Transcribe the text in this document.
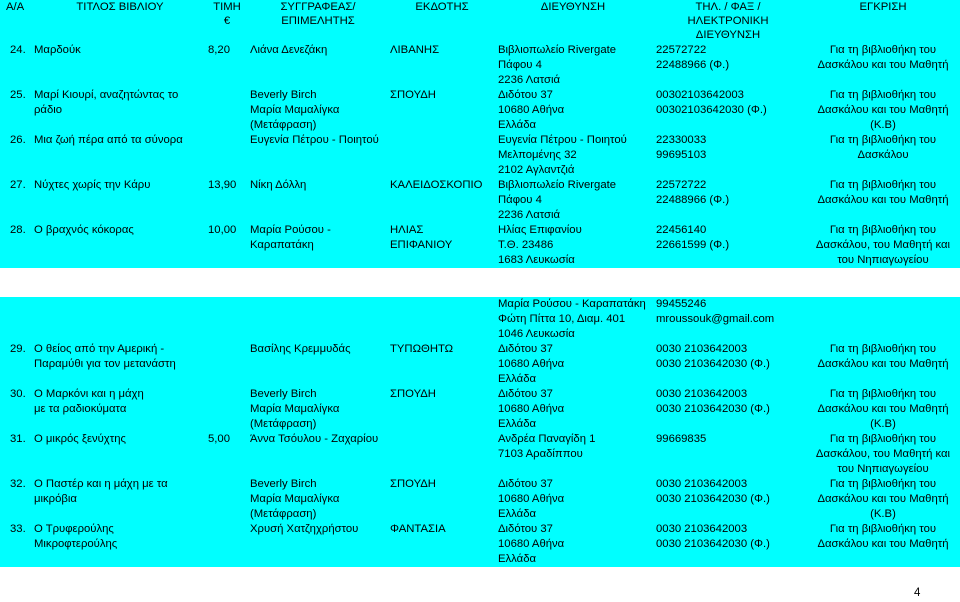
Α/Α	ΤΙΤΛΟΣ ΒΙΒΛΙΟΥ	ΤΙΜΗ
€	ΣΥΓΓΡΑΦΕΑΣ/
ΕΠΙΜΕΛΗΤΗΣ	ΕΚΔΟΤΗΣ	ΔΙΕΥΘΥΝΣΗ	ΤΗΛ. / ΦΑΞ /
ΗΛΕΚΤΡΟΝΙΚΗ
ΔΙΕΥΘΥΝΣΗ	ΕΓΚΡΙΣΗ

24.	Μαρδούκ	8,20	Λιάνα Δενεζάκη	ΛΙΒΑΝΗΣ	Βιβλιοπωλείο Rivergate
Πάφου 4
2236 Λατσιά	22572722
22488966 (Φ.)	Για τη βιβλιοθήκη του
Δασκάλου και του Μαθητή

25.	Μαρί Κιουρί, αναζητώντας το
ράδιο		Beverly Birch
Μαρία Μαμαλίγκα
(Μετάφραση)	ΣΠΟΥΔΗ	Διδότου 37
10680 Αθήνα
Ελλάδα	00302103642003
00302103642030 (Φ.)	Για τη βιβλιοθήκη του
Δασκάλου και του Μαθητή
(Κ.Β)

26.	Μια ζωή πέρα από τα σύνορα		Ευγενία Πέτρου - Ποιητού		Ευγενία Πέτρου - Ποιητού
Μελπομένης 32
2102 Αγλαντζιά	22330033
99695103	Για τη βιβλιοθήκη του
Δασκάλου

27.	Νύχτες χωρίς την Κάρυ	13,90	Νίκη Δόλλη	ΚΑΛΕΙΔΟΣΚΟΠΙΟ	Βιβλιοπωλείο Rivergate
Πάφου 4
2236 Λατσιά	22572722
22488966 (Φ.)	Για τη βιβλιοθήκη του
Δασκάλου και του Μαθητή

28.	Ο βραχνός κόκορας	10,00	Μαρία Ρούσου -
Καραπατάκη	ΗΛΙΑΣ
ΕΠΙΦΑΝΙΟΥ	Ηλίας Επιφανίου
Τ.Θ. 23486
1683 Λευκωσία	22456140
22661599 (Φ.)	Για τη βιβλιοθήκη του
Δασκάλου, του Μαθητή και
του Νηπιαγωγείου

					Μαρία Ρούσου - Καραπατάκη
Φώτη Πίττα 10, Διαμ. 401
1046 Λευκωσία	99455246
mroussouk@gmail.com	

29.	Ο θείος από την Αμερική -
Παραμύθι για τον μετανάστη		Βασίλης Κρεμμυδάς	ΤΥΠΩΘΗΤΩ	Διδότου 37
10680 Αθήνα
Ελλάδα	0030 2103642003
0030 2103642030 (Φ.)	Για τη βιβλιοθήκη του
Δασκάλου και του Μαθητή

30.	Ο Μαρκόνι και η μάχη
με τα ραδιοκύματα		Beverly Birch
Μαρία Μαμαλίγκα
(Μετάφραση)	ΣΠΟΥΔΗ	Διδότου 37
10680 Αθήνα
Ελλάδα	0030 2103642003
0030 2103642030 (Φ.)	Για τη βιβλιοθήκη του
Δασκάλου και του Μαθητή
(Κ.Β)

31.	Ο μικρός ξενύχτης	5,00	Άννα Τσόυλου - Ζαχαρίου		Ανδρέα Παναγίδη 1
7103 Αραδίππου	99669835	Για τη βιβλιοθήκη του
Δασκάλου, του Μαθητή και
του Νηπιαγωγείου

32.	Ο Παστέρ και η μάχη με τα
μικρόβια		Beverly Birch
Μαρία Μαμαλίγκα
(Μετάφραση)	ΣΠΟΥΔΗ	Διδότου 37
10680 Αθήνα
Ελλάδα	0030 2103642003
0030 2103642030 (Φ.)	Για τη βιβλιοθήκη του
Δασκάλου και του Μαθητή
(Κ.Β)

33.	Ο Τρυφερούλης
Μικροφτερούλης		Χρυσή Χατζηχρήστου	ΦΑΝΤΑΣΙΑ	Διδότου 37
10680 Αθήνα
Ελλάδα	0030 2103642003
0030 2103642030 (Φ.)	Για τη βιβλιοθήκη του
Δασκάλου και του Μαθητή
4
